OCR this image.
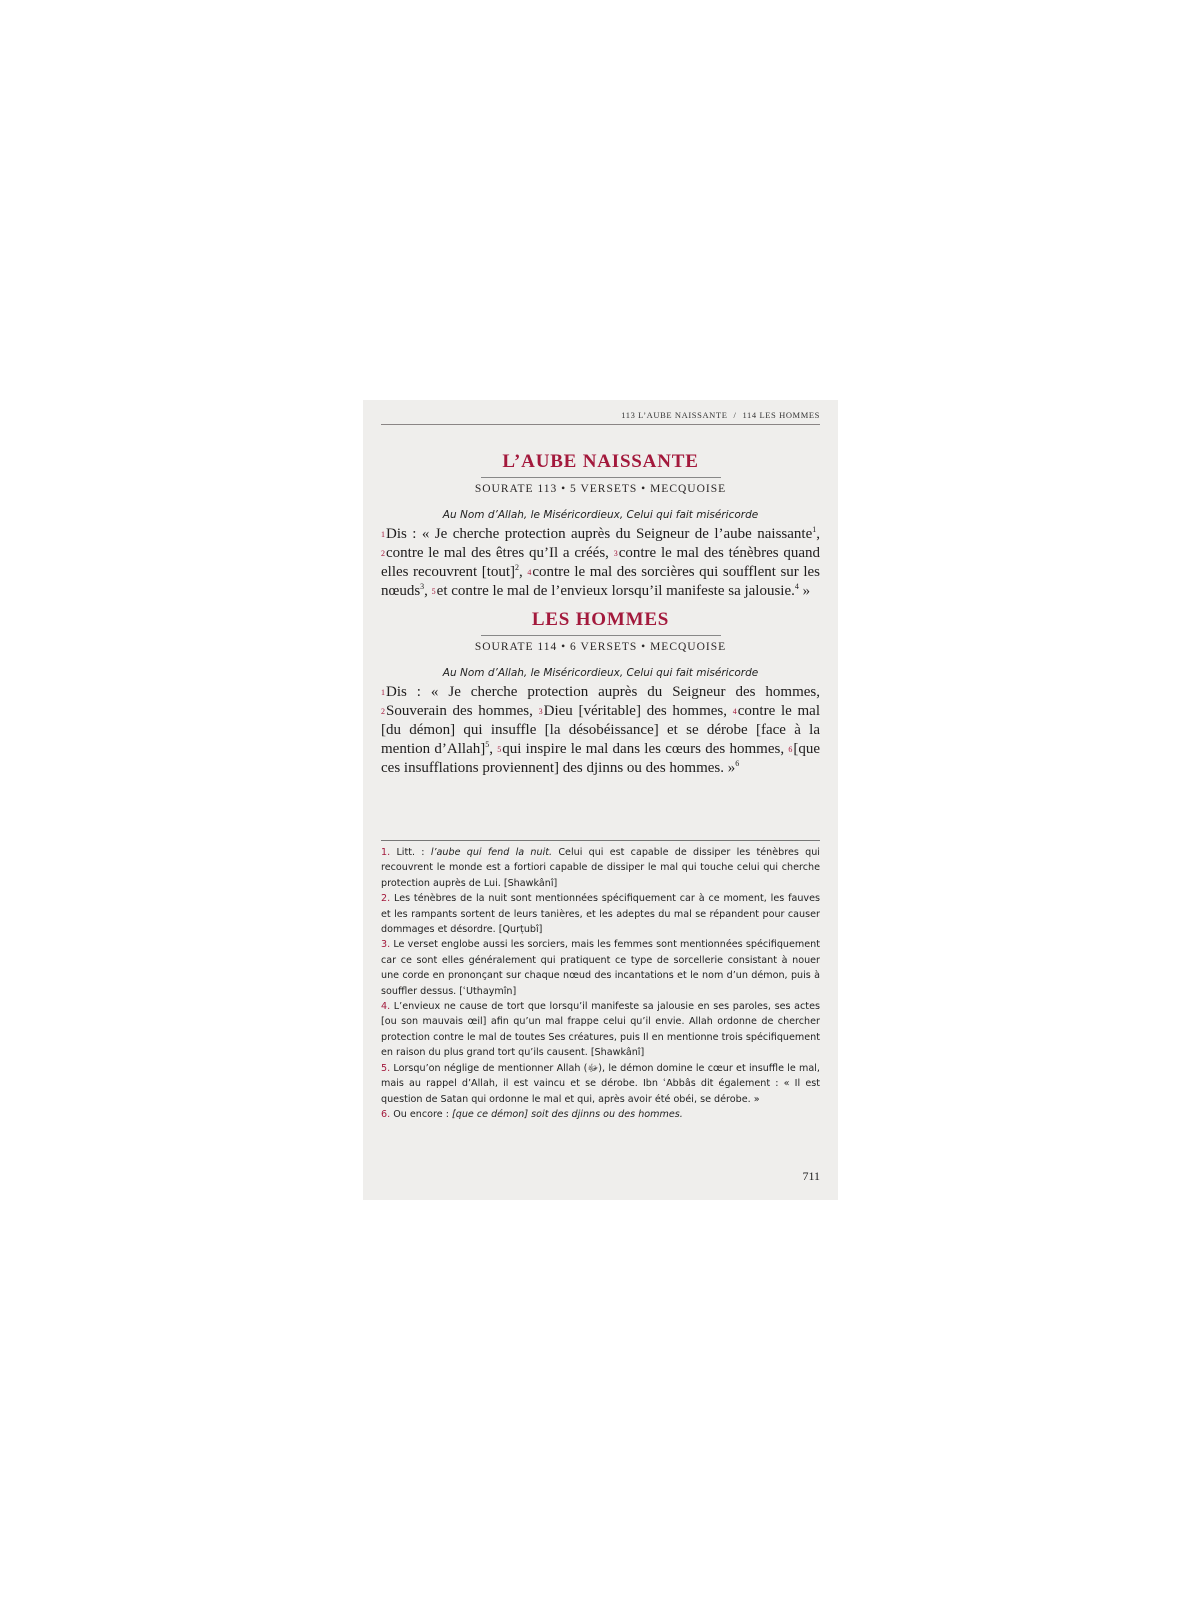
113 L’AUBE NAISSANTE / 114 LES HOMMES
L’AUBE NAISSANTE
SOURATE 113 • 5 VERSETS • MECQUOISE
Au Nom d’Allah, le Miséricordieux, Celui qui fait miséricorde

1Dis : « Je cherche protection auprès du Seigneur de l’aube naissante$^1$, 2contre le mal des êtres qu’Il a créés, 3contre le mal des ténèbres quand elles recouvrent [tout]$^2$, 4contre le mal des sorcières qui soufflent sur les nœuds$^3$, 5et contre le mal de l’envieux lorsqu’il manifeste sa jalousie.$^4$ »

LES HOMMES
SOURATE 114 • 6 VERSETS • MECQUOISE
Au Nom d’Allah, le Miséricordieux, Celui qui fait miséricorde

1Dis : « Je cherche protection auprès du Seigneur des hommes, 2Souverain des hommes, 3Dieu [véritable] des hommes, 4contre le mal [du démon] qui insuffle [la désobéissance] et se dérobe [face à la mention d’Allah]$^5$, 5qui inspire le mal dans les cœurs des hommes, 6[que ces insufflations proviennent] des djinns ou des hommes. »$^6$

1. Litt. : l’aube qui fend la nuit. Celui qui est capable de dissiper les ténèbres qui recouvrent le monde est a fortiori capable de dissiper le mal qui touche celui qui cherche protection auprès de Lui. [Shawkânî]

2. Les ténèbres de la nuit sont mentionnées spécifiquement car à ce moment, les fauves et les rampants sortent de leurs tanières, et les adeptes du mal se répandent pour causer dommages et désordre. [Qurṭubî]

3. Le verset englobe aussi les sorciers, mais les femmes sont mentionnées spécifiquement car ce sont elles généralement qui pratiquent ce type de sorcellerie consistant à nouer une corde en prononçant sur chaque nœud des incantations et le nom d’un démon, puis à souffler dessus. [ʿUthaymîn]

4. L’envieux ne cause de tort que lorsqu’il manifeste sa jalousie en ses paroles, ses actes [ou son mauvais œil] afin qu’un mal frappe celui qu’il envie. Allah ordonne de chercher protection contre le mal de toutes Ses créatures, puis Il en mentionne trois spécifiquement en raison du plus grand tort qu’ils causent. [Shawkânî]

5. Lorsqu’on néglige de mentionner Allah (ﷻ), le démon domine le cœur et insuffle le mal, mais au rappel d’Allah, il est vaincu et se dérobe. Ibn ʿAbbâs dit également : « Il est question de Satan qui ordonne le mal et qui, après avoir été obéi, se dérobe. »

6. Ou encore : [que ce démon] soit des djinns ou des hommes.

711
